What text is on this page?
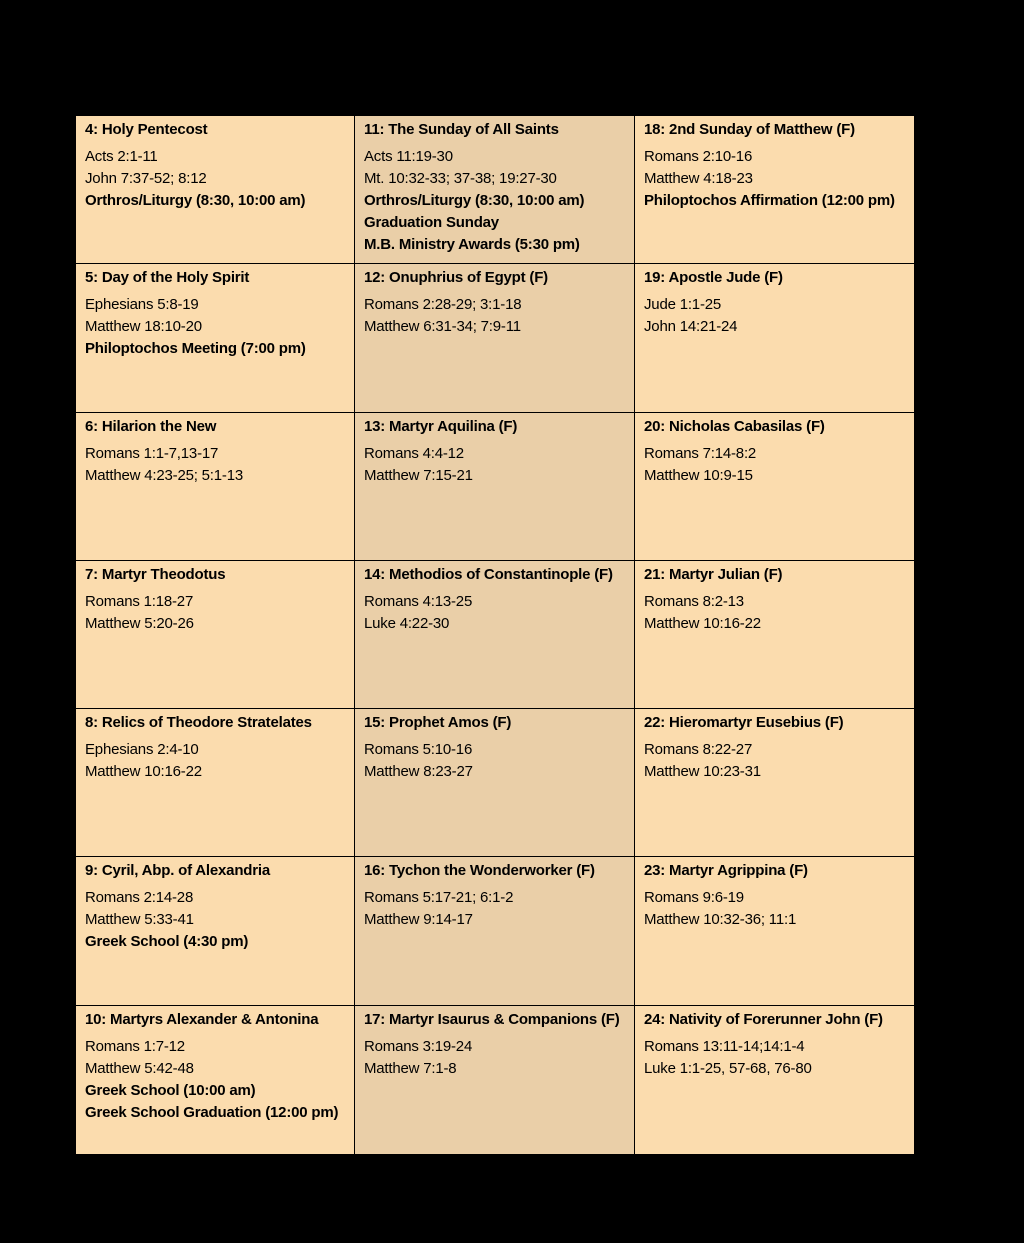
4: Holy Pentecost
Acts 2:1-11
John 7:37-52; 8:12
Orthros/Liturgy (8:30, 10:00 am)
11: The Sunday of All Saints
Acts 11:19-30
Mt. 10:32-33; 37-38; 19:27-30
Orthros/Liturgy (8:30, 10:00 am)
Graduation Sunday
M.B. Ministry Awards (5:30 pm)
18: 2nd Sunday of Matthew (F)
Romans 2:10-16
Matthew 4:18-23
Philoptochos Affirmation (12:00 pm)
5: Day of the Holy Spirit
Ephesians 5:8-19
Matthew 18:10-20
Philoptochos Meeting (7:00 pm)
12: Onuphrius of Egypt (F)
Romans 2:28-29; 3:1-18
Matthew 6:31-34; 7:9-11
19: Apostle Jude (F)
Jude 1:1-25
John 14:21-24
6: Hilarion the New
Romans 1:1-7,13-17
Matthew 4:23-25; 5:1-13
13: Martyr Aquilina (F)
Romans 4:4-12
Matthew 7:15-21
20: Nicholas Cabasilas (F)
Romans 7:14-8:2
Matthew 10:9-15
7: Martyr Theodotus
Romans 1:18-27
Matthew 5:20-26
14: Methodios of Constantinople (F)
Romans 4:13-25
Luke 4:22-30
21: Martyr Julian (F)
Romans 8:2-13
Matthew 10:16-22
8: Relics of Theodore Stratelates
Ephesians 2:4-10
Matthew 10:16-22
15: Prophet Amos (F)
Romans 5:10-16
Matthew 8:23-27
22: Hieromartyr Eusebius (F)
Romans 8:22-27
Matthew 10:23-31
9: Cyril, Abp. of Alexandria
Romans 2:14-28
Matthew 5:33-41
Greek School (4:30 pm)
16: Tychon the Wonderworker (F)
Romans 5:17-21; 6:1-2
Matthew 9:14-17
23: Martyr Agrippina (F)
Romans 9:6-19
Matthew 10:32-36; 11:1
10: Martyrs Alexander & Antonina
Romans 1:7-12
Matthew 5:42-48
Greek School (10:00 am)
Greek School Graduation (12:00 pm)
17: Martyr Isaurus & Companions (F)
Romans 3:19-24
Matthew 7:1-8
24: Nativity of Forerunner John (F)
Romans 13:11-14;14:1-4
Luke 1:1-25, 57-68, 76-80
